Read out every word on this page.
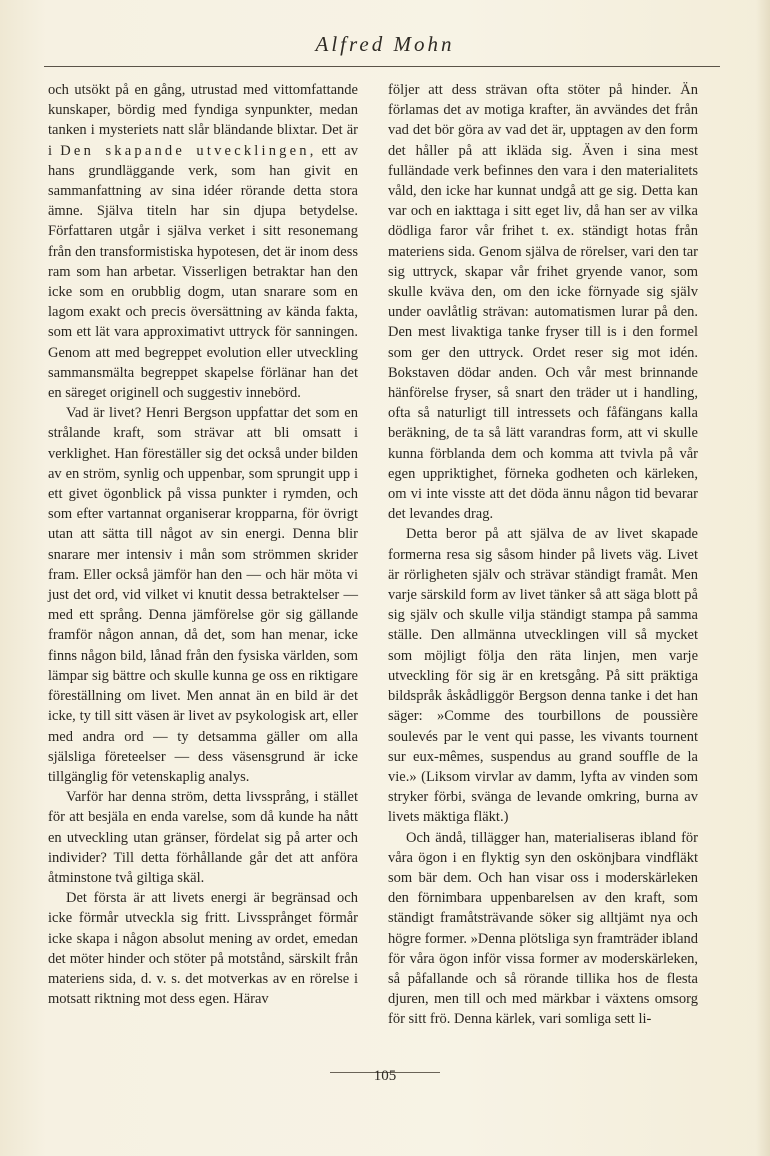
Alfred Mohn

och utsökt på en gång, utrustad med vittomfattande kunskaper, bördig med fyndiga synpunkter, medan tanken i mysteriets natt slår bländande blixtar. Det är i Den skapande utvecklingen, ett av hans grundläggande verk, som han givit en sammanfattning av sina idéer rörande detta stora ämne. Själva titeln har sin djupa betydelse. Författaren utgår i själva verket i sitt resonemang från den transformistiska hypotesen, det är inom dess ram som han arbetar. Visserligen betraktar han den icke som en orubblig dogm, utan snarare som en lagom exakt och precis översättning av kända fakta, som ett lät vara approximativt uttryck för sanningen. Genom att med begreppet evolution eller utveckling sammansmälta begreppet skapelse förlänar han det en säreget originell och suggestiv innebörd.

Vad är livet? Henri Bergson uppfattar det som en strålande kraft, som strävar att bli omsatt i verklighet. Han föreställer sig det också under bilden av en ström, synlig och uppenbar, som sprungit upp i ett givet ögonblick på vissa punkter i rymden, och som efter vartannat organiserar kropparna, för övrigt utan att sätta till något av sin energi. Denna blir snarare mer intensiv i mån som strömmen skrider fram. Eller också jämför han den — och här möta vi just det ord, vid vilket vi knutit dessa betraktelser — med ett språng. Denna jämförelse gör sig gällande framför någon annan, då det, som han menar, icke finns någon bild, lånad från den fysiska världen, som lämpar sig bättre och skulle kunna ge oss en riktigare föreställning om livet. Men annat än en bild är det icke, ty till sitt väsen är livet av psykologisk art, eller med andra ord — ty detsamma gäller om alla själsliga företeelser — dess väsensgrund är icke tillgänglig för vetenskaplig analys.

Varför har denna ström, detta livssprång, i stället för att besjäla en enda varelse, som då kunde ha nått en utveckling utan gränser, fördelat sig på arter och individer? Till detta förhållande går det att anföra åtminstone två giltiga skäl.

Det första är att livets energi är begränsad och icke förmår utveckla sig fritt. Livssprånget förmår icke skapa i någon absolut mening av ordet, emedan det möter hinder och stöter på motstånd, särskilt från materiens sida, d. v. s. det motverkas av en rörelse i motsatt riktning mot dess egen. Härav

följer att dess strävan ofta stöter på hinder. Än förlamas det av motiga krafter, än avvändes det från vad det bör göra av vad det är, upptagen av den form det håller på att ikläda sig. Även i sina mest fulländade verk befinnes den vara i den materialitets våld, den icke har kunnat undgå att ge sig. Detta kan var och en iakttaga i sitt eget liv, då han ser av vilka dödliga faror vår frihet t. ex. ständigt hotas från materiens sida. Genom själva de rörelser, vari den tar sig uttryck, skapar vår frihet gryende vanor, som skulle kväva den, om den icke förnyade sig själv under oavlåtlig strävan: automatismen lurar på den. Den mest livaktiga tanke fryser till is i den formel som ger den uttryck. Ordet reser sig mot idén. Bokstaven dödar anden. Och vår mest brinnande hänförelse fryser, så snart den träder ut i handling, ofta så naturligt till intressets och fåfängans kalla beräkning, de ta så lätt varandras form, att vi skulle kunna förblanda dem och komma att tvivla på vår egen uppriktighet, förneka godheten och kärleken, om vi inte visste att det döda ännu någon tid bevarar det levandes drag.

Detta beror på att själva de av livet skapade formerna resa sig såsom hinder på livets väg. Livet är rörligheten själv och strävar ständigt framåt. Men varje särskild form av livet tänker så att säga blott på sig själv och skulle vilja ständigt stampa på samma ställe. Den allmänna utvecklingen vill så mycket som möjligt följa den räta linjen, men varje utveckling för sig är en kretsgång. På sitt präktiga bildspråk åskådliggör Bergson denna tanke i det han säger: »Comme des tourbillons de poussière soulevés par le vent qui passe, les vivants tournent sur eux-mêmes, suspendus au grand souffle de la vie.» (Liksom virvlar av damm, lyfta av vinden som stryker förbi, svänga de levande omkring, burna av livets mäktiga fläkt.)

Och ändå, tillägger han, materialiseras ibland för våra ögon i en flyktig syn den oskönjbara vindfläkt som bär dem. Och han visar oss i moderskärleken den förnimbara uppenbarelsen av den kraft, som ständigt framåtsträvande söker sig alltjämt nya och högre former. »Denna plötsliga syn framträder ibland för våra ögon inför vissa former av moderskärleken, så påfallande och så rörande tillika hos de flesta djuren, men till och med märkbar i växtens omsorg för sitt frö. Denna kärlek, vari somliga sett li-

105
